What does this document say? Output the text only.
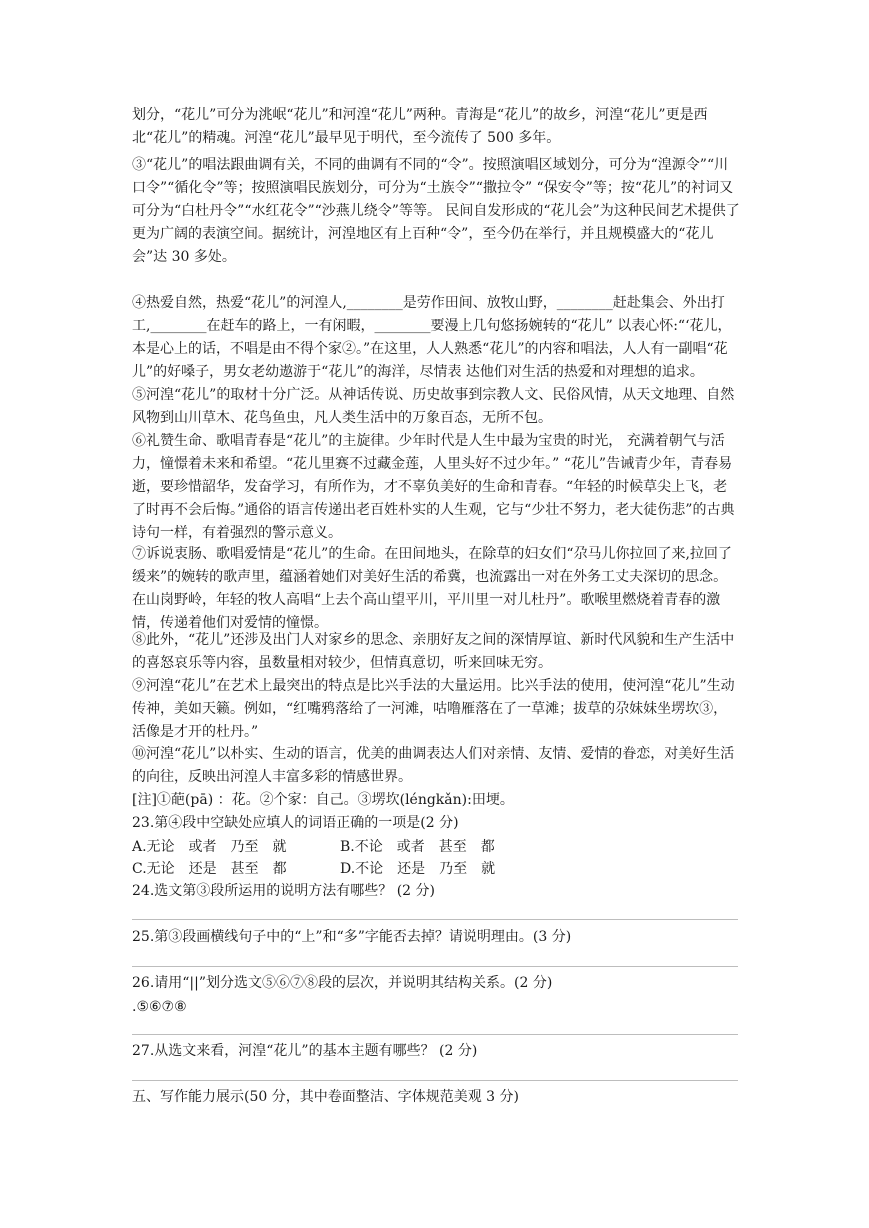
划分，“花儿”可分为洮岷“花儿”和河湟“花儿”两种。青海是“花儿”的故乡，河湟“花儿”更是西北“花儿”的精魂。河湟“花儿”最早见于明代，至今流传了 500 多年。

③“花儿”的唱法跟曲调有关，不同的曲调有不同的“令”。按照演唱区域划分，可分为“湟源令”“川口令”“循化令”等；按照演唱民族划分，可分为“土族令”“撒拉令” “保安令”等；按“花儿”的衬词又可分为“白杜丹令”“水红花令”“沙燕儿绕令”等等。 民间自发形成的“花儿会”为这种民间艺术提供了更为广阔的表演空间。据统计，河湟地区有上百种“令”，至今仍在举行，并且规模盛大的“花儿会”达 30 多处。

④热爱自然，热爱“花儿”的河湟人,________是劳作田间、放牧山野，________赶赴集会、外出打工,________在赶车的路上，一有闲暇，________要漫上几句悠扬婉转的“花儿” 以表心怀:“‘花儿，本是心上的话，不唱是由不得个家②。”在这里，人人熟悉“花儿”的内容和唱法，人人有一副唱“花儿”的好嗓子，男女老幼遨游于“花儿”的海洋，尽情表 达他们对生活的热爱和对理想的追求。

⑤河湟“花儿”的取材十分广泛。从神话传说、历史故事到宗教人文、民俗风情，从天文地理、自然风物到山川草木、花鸟鱼虫，凡人类生活中的万象百态，无所不包。

⑥礼赞生命、歌唱青春是“花儿”的主旋律。少年时代是人生中最为宝贵的时光， 充满着朝气与活力，憧憬着未来和希望。“花儿里赛不过藏金莲，人里头好不过少年。” “花儿”告诫青少年，青春易逝，要珍惜韶华，发奋学习，有所作为，才不辜负美好的生命和青春。“年轻的时候草尖上飞，老了时再不会后悔。”通俗的语言传递出老百姓朴实的人生观，它与“少壮不努力，老大徒伤悲”的古典诗句一样，有着强烈的警示意义。

⑦诉说衷肠、歌唱爱情是“花儿”的生命。在田间地头，在除草的妇女们“尕马儿你拉回了来,拉回了缓来”的婉转的歌声里，蕴涵着她们对美好生活的希冀，也流露出一对在外务工丈夫深切的思念。在山岗野岭，年轻的牧人高唱“上去个高山望平川，平川里一对儿杜丹”。歌喉里燃烧着青春的激情，传递着他们对爱情的憧憬。

⑧此外，“花儿”还涉及出门人对家乡的思念、亲朋好友之间的深情厚谊、新时代风貌和生产生活中的喜怒哀乐等内容，虽数量相对较少，但情真意切，听来回味无穷。

⑨河湟“花儿”在艺术上最突出的特点是比兴手法的大量运用。比兴手法的使用，使河湟“花儿”生动传神，美如天籁。例如，“红嘴鸦落给了一河滩，咕噜雁落在了一草滩；拔草的尕妹妹坐塄坎③，活像是才开的杜丹。”

⑩河湟“花儿”以朴实、生动的语言，优美的曲调表达人们对亲情、友情、爱情的眷恋，对美好生活的向往，反映出河湟人丰富多彩的情感世界。

[注]①葩(pā) ：花。②个家：自己。③塄坎(léngkǎn):田埂。

23.第④段中空缺处应填人的词语正确的一项是(2 分)

A.无论　或者　乃至　就	B.不论　或者　甚至　都
C.无论　还是　甚至　都	D.不论　还是　乃至　就

24.选文第③段所运用的说明方法有哪些？ (2 分)

25.第③段画横线句子中的“上”和“多”字能否去掉？请说明理由。(3 分)

26.请用“||”划分选文⑤⑥⑦⑧段的层次，并说明其结构关系。(2 分)

.⑤⑥⑦⑧

27.从选文来看，河湟“花儿”的基本主题有哪些？ (2 分)

五、写作能力展示(50 分，其中卷面整洁、字体规范美观 3 分)
